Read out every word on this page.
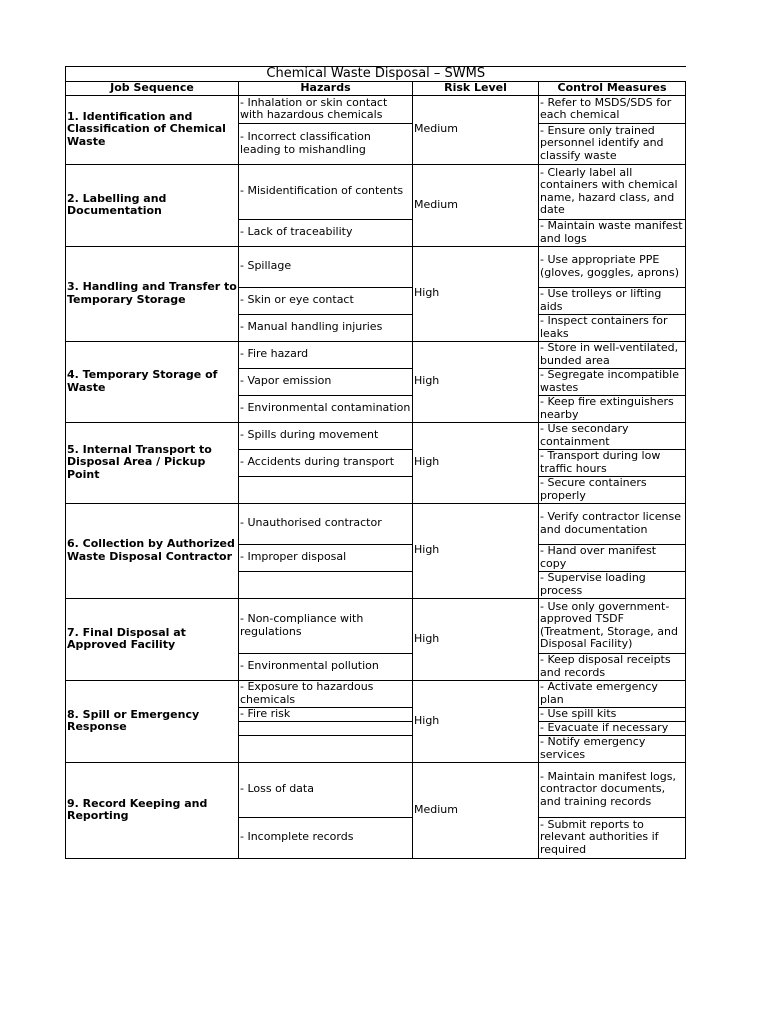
Chemical Waste Disposal – SWMS			
Job Sequence	Hazards	Risk Level	Control Measures
1. Identification and Classification of Chemical Waste	- Inhalation or skin contact with hazardous chemicals	Medium	- Refer to MSDS/SDS for each chemical
	- Incorrect classification leading to mishandling		- Ensure only trained personnel identify and classify waste
2. Labelling and Documentation	- Misidentification of contents	Medium	- Clearly label all containers with chemical name, hazard class, and date
	- Lack of traceability		- Maintain waste manifest and logs
3. Handling and Transfer to Temporary Storage	- Spillage	High	- Use appropriate PPE (gloves, goggles, aprons)
	- Skin or eye contact		- Use trolleys or lifting aids
	- Manual handling injuries		- Inspect containers for leaks
4. Temporary Storage of Waste	- Fire hazard	High	- Store in well-ventilated, bunded area
	- Vapor emission		- Segregate incompatible wastes
	- Environmental contamination		- Keep fire extinguishers nearby
5. Internal Transport to Disposal Area / Pickup Point	- Spills during movement	High	- Use secondary containment
	- Accidents during transport		- Transport during low traffic hours
			- Secure containers properly
6. Collection by Authorized Waste Disposal Contractor	- Unauthorised contractor	High	- Verify contractor license and documentation
	- Improper disposal		- Hand over manifest copy
			- Supervise loading process
7. Final Disposal at Approved Facility	- Non-compliance with regulations	High	- Use only government-approved TSDF (Treatment, Storage, and Disposal Facility)
	- Environmental pollution		- Keep disposal receipts and records
8. Spill or Emergency Response	- Exposure to hazardous chemicals	High	- Activate emergency plan
	- Fire risk		- Use spill kits
			- Evacuate if necessary
			- Notify emergency services
9. Record Keeping and Reporting	- Loss of data	Medium	- Maintain manifest logs, contractor documents, and training records
	- Incomplete records		- Submit reports to relevant authorities if required
